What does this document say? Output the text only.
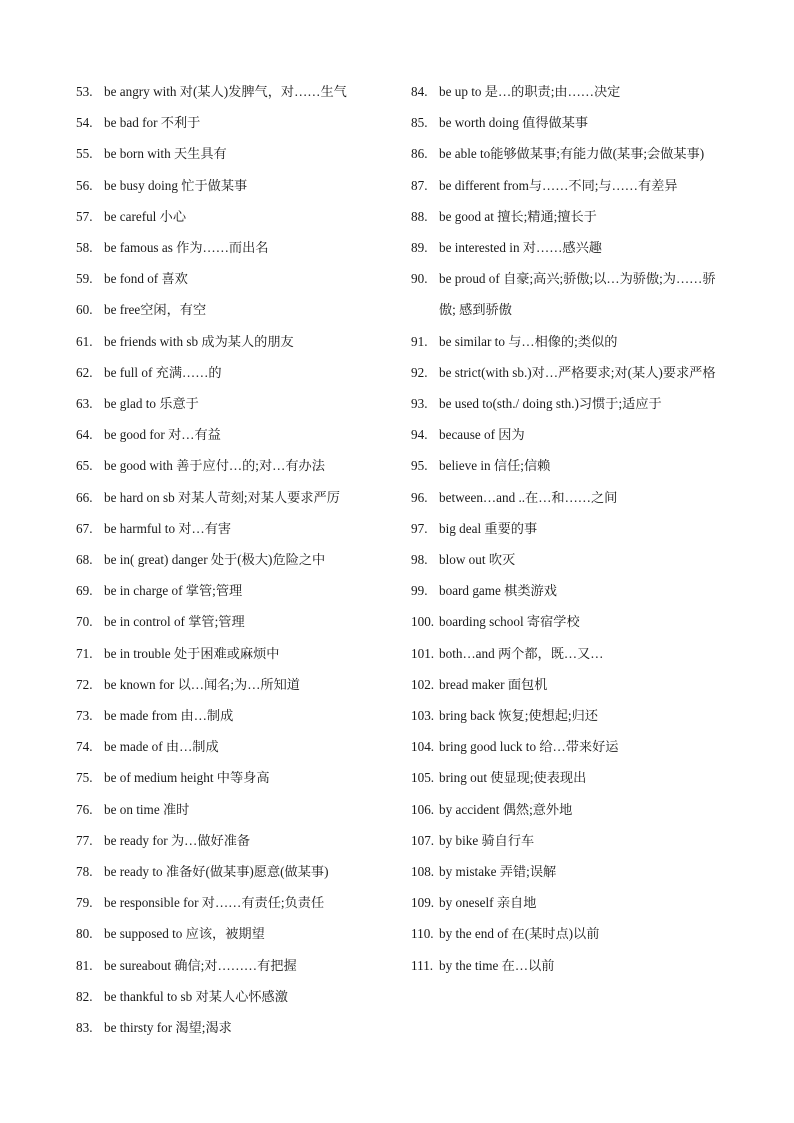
53. be angry with 对(某人)发脾气，对……生气
54. be bad for 不利于
55. be born with 天生具有
56. be busy doing 忙于做某事
57. be careful 小心
58. be famous as 作为……而出名
59. be fond of 喜欢
60. be free空闲，有空
61. be friends with sb 成为某人的朋友
62. be full of 充满……的
63. be glad to 乐意于
64. be good for 对…有益
65. be good with 善于应付…的;对…有办法
66. be hard on sb 对某人苛刻;对某人要求严厉
67. be harmful to 对…有害
68. be in( great) danger 处于(极大)危险之中
69. be in charge of 掌管;管理
70. be in control of 掌管;管理
71. be in trouble 处于困难或麻烦中
72. be known for 以…闻名;为…所知道
73. be made from 由…制成
74. be made of 由…制成
75. be of medium height 中等身高
76. be on time 准时
77. be ready for 为…做好准备
78. be ready to 准备好(做某事)愿意(做某事)
79. be responsible for 对……有责任;负责任
80. be supposed to 应该，被期望
81. be sureabout 确信;对………有把握
82. be thankful to sb 对某人心怀感激
83. be thirsty for 渴望;渴求
84. be up to 是…的职责;由……决定
85. be worth doing 值得做某事
86. be able to能够做某事;有能力做(某事;会做某事)
87. be different from与……不同;与……有差异
88. be good at 擅长;精通;擅长于
89. be interested in 对……感兴趣
90. be proud of 自豪;高兴;骄傲;以…为骄傲;为……骄傲; 感到骄傲
91. be similar to 与…相像的;类似的
92. be strict(with sb.)对…严格要求;对(某人)要求严格
93. be used to(sth./ doing sth.)习惯于;适应于
94. because of 因为
95. believe in 信任;信赖
96. between…and ..在…和……之间
97. big deal 重要的事
98. blow out 吹灭
99. board game 棋类游戏
100. boarding school 寄宿学校
101. both…and 两个都，既…又…
102. bread maker 面包机
103. bring back 恢复;使想起;归还
104. bring good luck to 给…带来好运
105. bring out 使显现;使表现出
106. by accident 偶然;意外地
107. by bike 骑自行车
108. by mistake 弄错;误解
109. by oneself 亲自地
110. by the end of 在(某时点)以前
111. by the time 在…以前
